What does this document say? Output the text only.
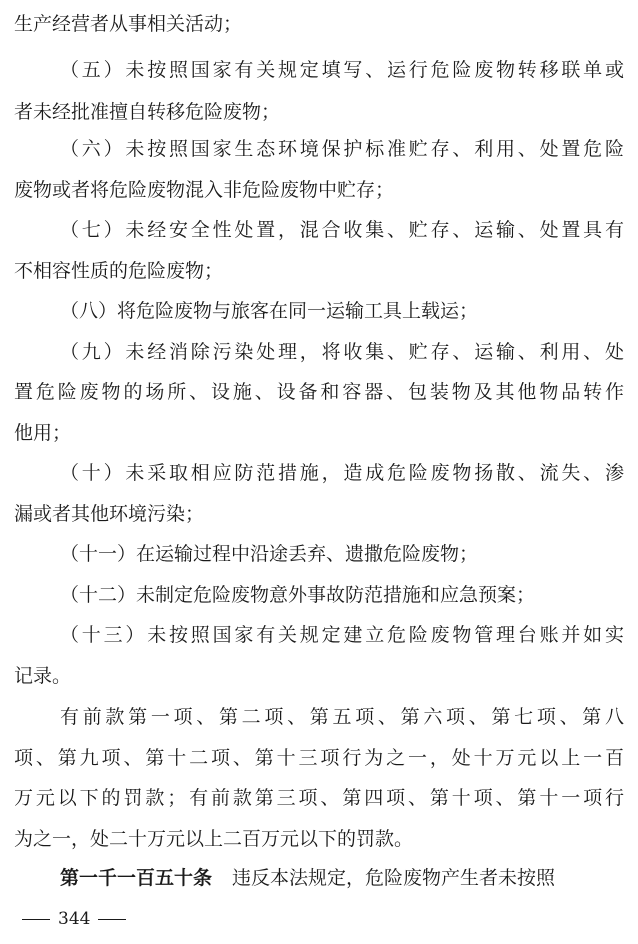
生产经营者从事相关活动；
（五）未按照国家有关规定填写、运行危险废物转移联单或
者未经批准擅自转移危险废物；
（六）未按照国家生态环境保护标准贮存、利用、处置危险
废物或者将危险废物混入非危险废物中贮存；
（七）未经安全性处置，混合收集、贮存、运输、处置具有
不相容性质的危险废物；
（八）将危险废物与旅客在同一运输工具上载运；
（九）未经消除污染处理，将收集、贮存、运输、利用、处
置危险废物的场所、设施、设备和容器、包装物及其他物品转作
他用；
（十）未采取相应防范措施，造成危险废物扬散、流失、渗
漏或者其他环境污染；
（十一）在运输过程中沿途丢弃、遗撒危险废物；
（十二）未制定危险废物意外事故防范措施和应急预案；
（十三）未按照国家有关规定建立危险废物管理台账并如实
记录。
有前款第一项、第二项、第五项、第六项、第七项、第八
项、第九项、第十二项、第十三项行为之一，处十万元以上一百
万元以下的罚款；有前款第三项、第四项、第十项、第十一项行
为之一，处二十万元以上二百万元以下的罚款。
第一千一百五十条 违反本法规定，危险废物产生者未按照
344
